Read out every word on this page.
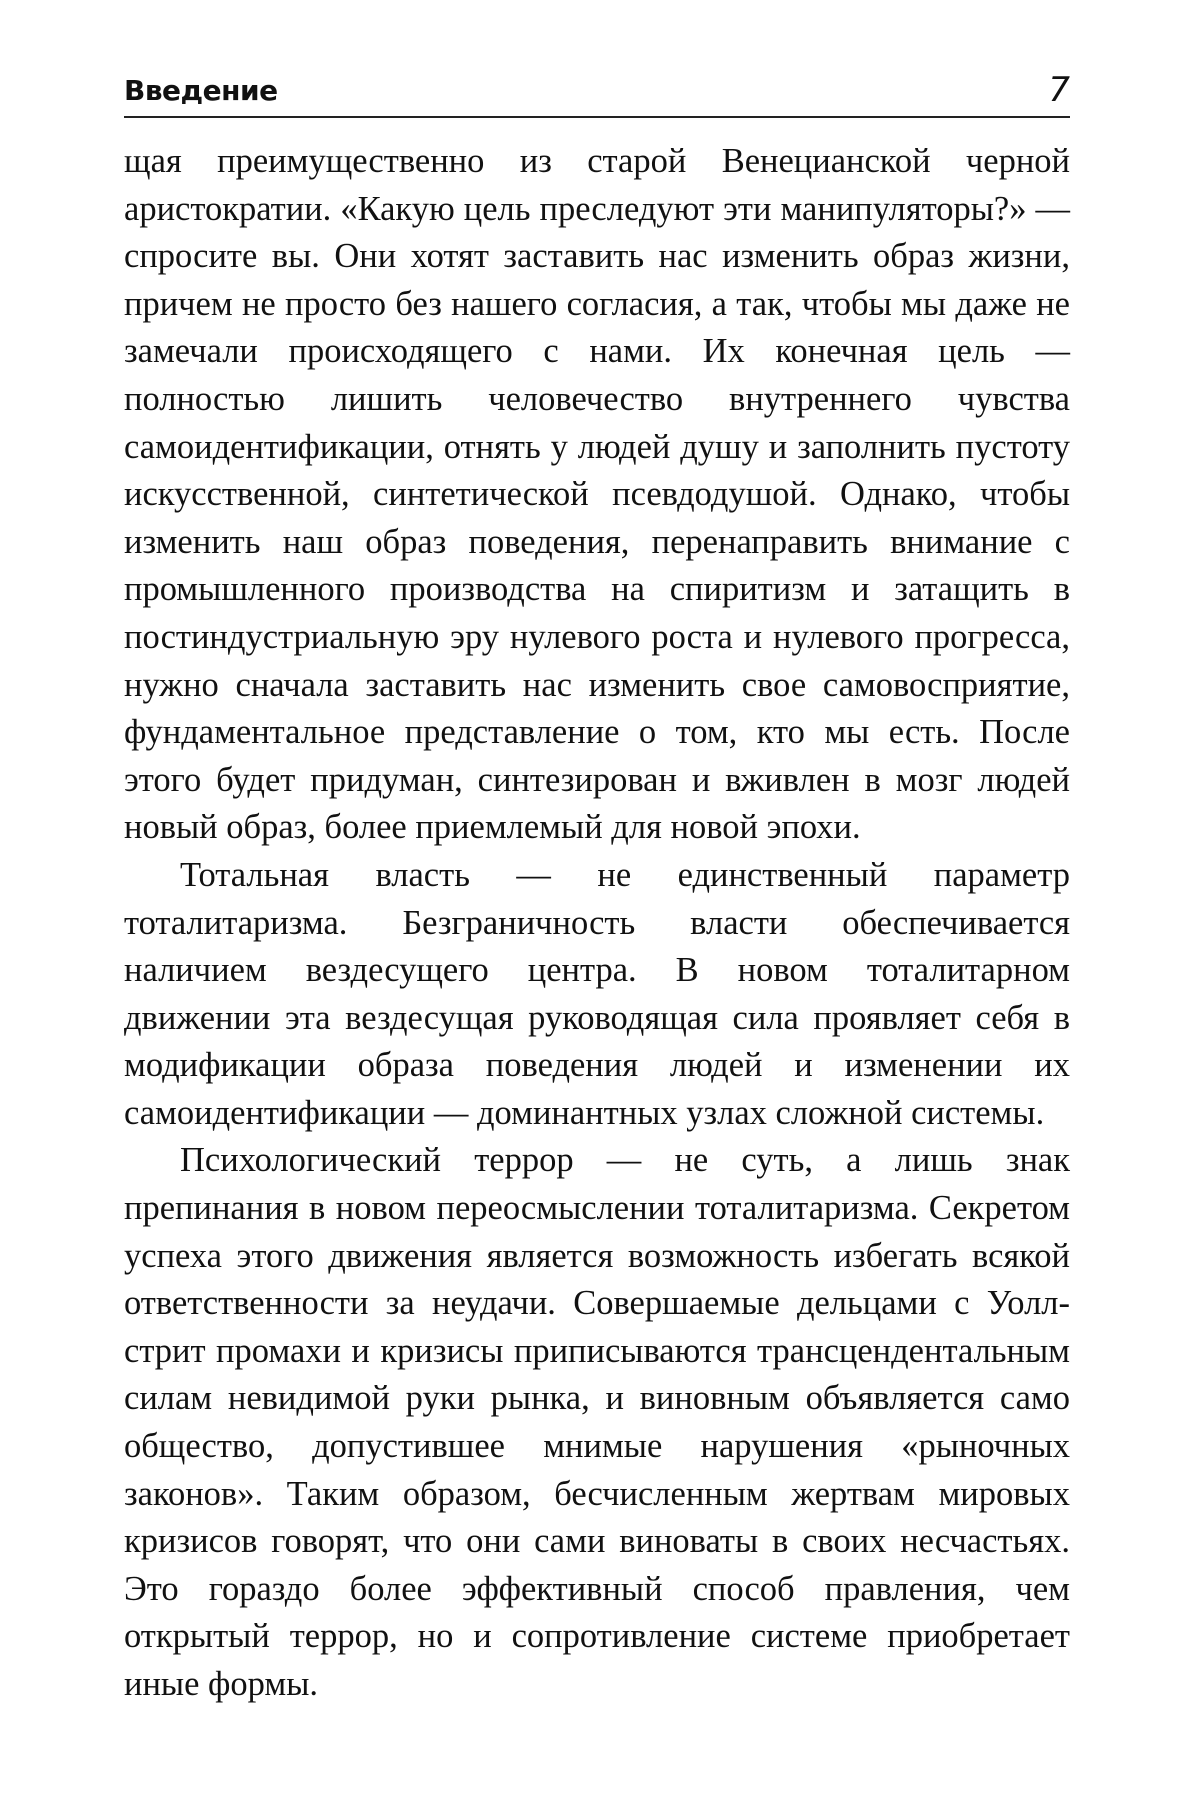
Введение	7

щая преимущественно из старой Венецианской черной аристократии. «Какую цель преследуют эти манипуляторы?» — спросите вы. Они хотят заставить нас изменить образ жизни, причем не просто без нашего согласия, а так, чтобы мы даже не замечали происходящего с нами. Их конечная цель — полностью лишить человечество внутреннего чувства самоидентификации, отнять у людей душу и заполнить пустоту искусственной, синтетической псевдодушой. Однако, чтобы изменить наш образ поведения, перенаправить внимание с промышленного производства на спиритизм и затащить в постиндустриальную эру нулевого роста и нулевого прогресса, нужно сначала заставить нас изменить свое самовосприятие, фундаментальное представление о том, кто мы есть. После этого будет придуман, синтезирован и вживлен в мозг людей новый образ, более приемлемый для новой эпохи.

Тотальная власть — не единственный параметр тоталитаризма. Безграничность власти обеспечивается наличием вездесущего центра. В новом тоталитарном движении эта вездесущая руководящая сила проявляет себя в модификации образа поведения людей и изменении их самоидентификации — доминантных узлах сложной системы.

Психологический террор — не суть, а лишь знак препинания в новом переосмыслении тоталитаризма. Секретом успеха этого движения является возможность избегать всякой ответственности за неудачи. Совершаемые дельцами с Уолл-стрит промахи и кризисы приписываются трансцендентальным силам невидимой руки рынка, и виновным объявляется само общество, допустившее мнимые нарушения «рыночных законов». Таким образом, бесчисленным жертвам мировых кризисов говорят, что они сами виноваты в своих несчастьях. Это гораздо более эффективный способ правления, чем открытый террор, но и сопротивление системе приобретает иные формы.
